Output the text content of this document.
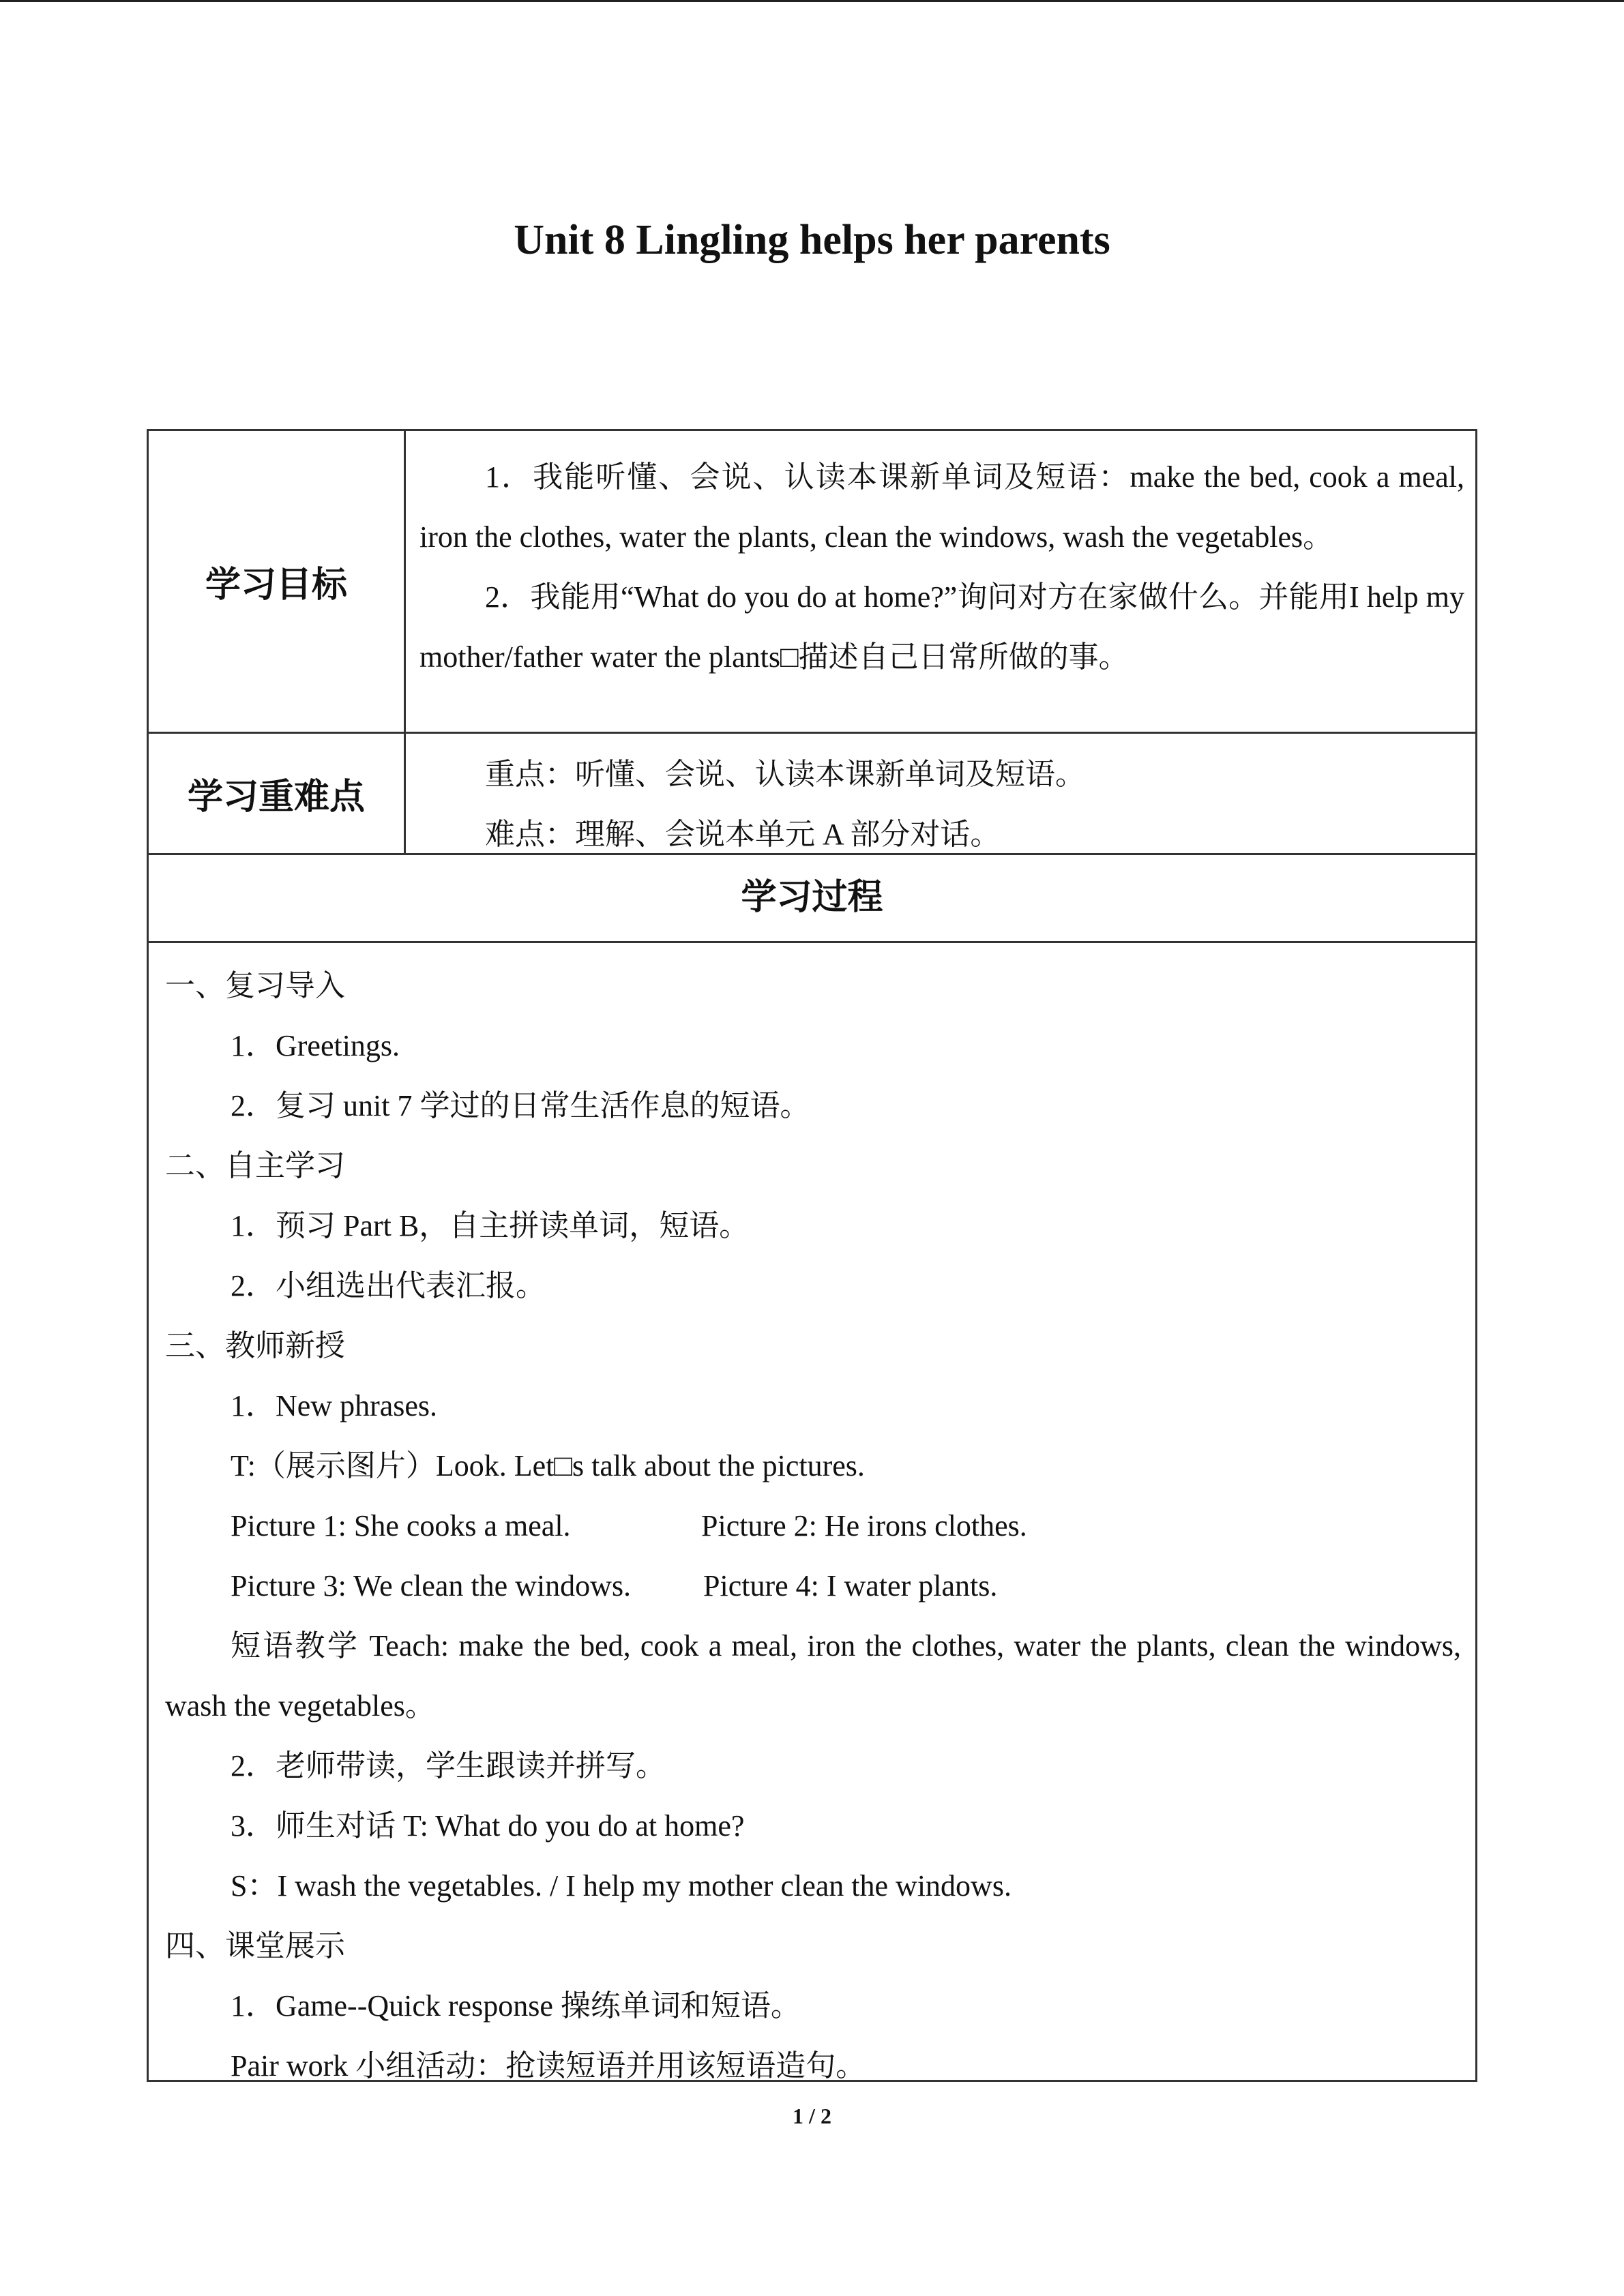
Unit 8 Lingling helps her parents
学习目标

1．我能听懂、会说、认读本课新单词及短语：make the bed, cook a meal, iron the clothes, water the plants, clean the windows, wash the vegetables。

2．我能用“What do you do at home?”询问对方在家做什么。并能用I help my mother/father water the plants□描述自己日常所做的事。

学习重难点

重点：听懂、会说、认读本课新单词及短语。

难点：理解、会说本单元 A 部分对话。

学习过程

一、复习导入

1．Greetings.

2．复习 unit 7 学过的日常生活作息的短语。

二、自主学习

1．预习 Part B，自主拼读单词，短语。

2．小组选出代表汇报。

三、教师新授

1．New phrases.

T:（展示图片）Look. Let□s talk about the pictures.

Picture 1: She cooks a meal.	Picture 2: He irons clothes.

Picture 3: We clean the windows.	Picture 4: I water plants.

短语教学 Teach: make the bed, cook a meal, iron the clothes, water the plants, clean the windows, wash the vegetables。

2．老师带读，学生跟读并拼写。

3．师生对话 T: What do you do at home?

S：I wash the vegetables. / I help my mother clean the windows.

四、课堂展示

1．Game--Quick response 操练单词和短语。

Pair work 小组活动：抢读短语并用该短语造句。

1 / 2
